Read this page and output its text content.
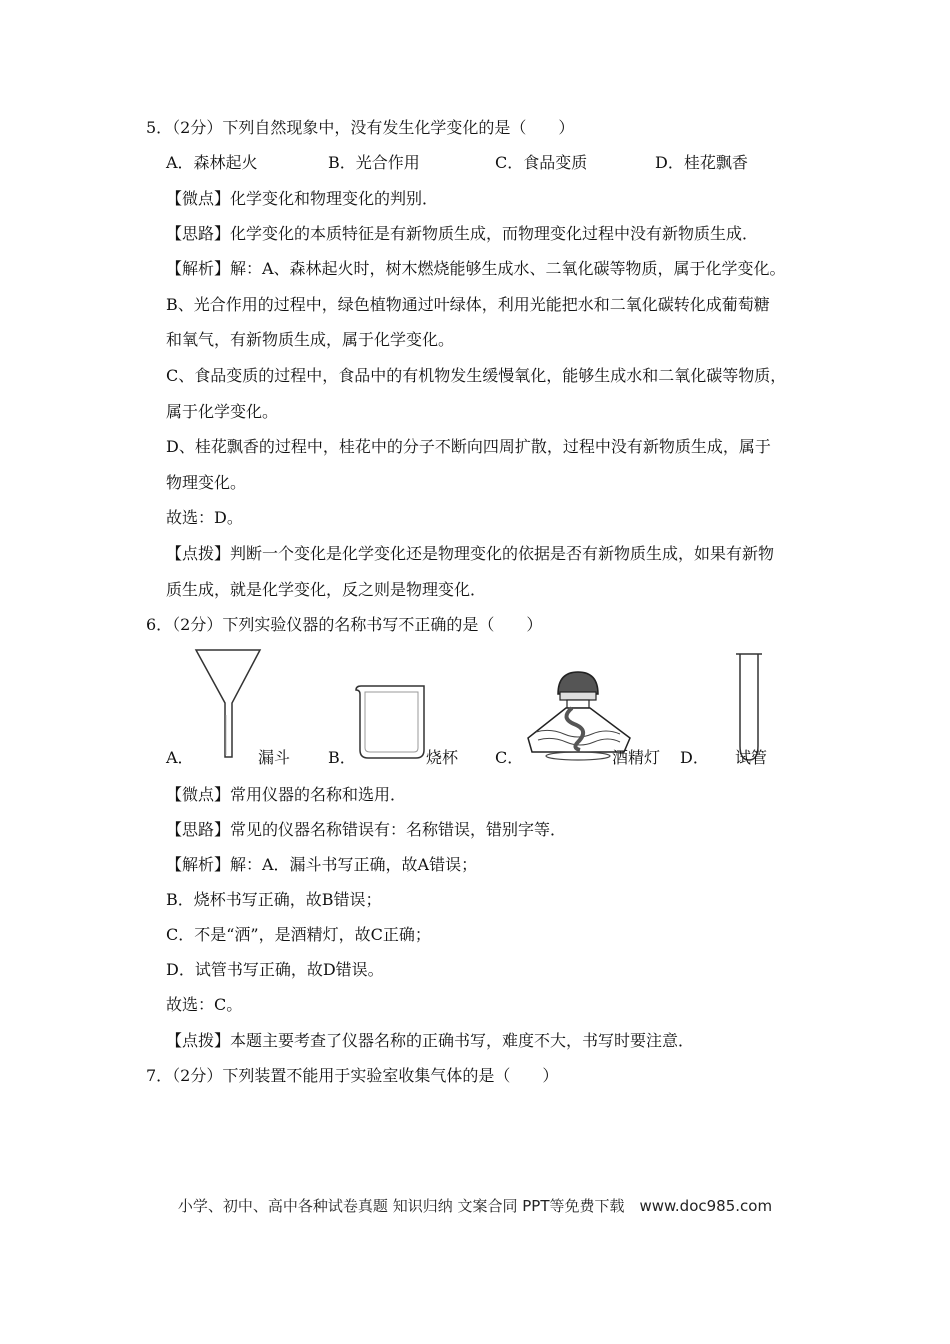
5．（2分）下列自然现象中，没有发生化学变化的是（　　）
A．森林起火	B．光合作用	C．食品变质	D．桂花飘香
【微点】化学变化和物理变化的判别．
【思路】化学变化的本质特征是有新物质生成，而物理变化过程中没有新物质生成．
【解析】解：A、森林起火时，树木燃烧能够生成水、二氧化碳等物质，属于化学变化。
B、光合作用的过程中，绿色植物通过叶绿体，利用光能把水和二氧化碳转化成葡萄糖
和氧气，有新物质生成，属于化学变化。
C、食品变质的过程中，食品中的有机物发生缓慢氧化，能够生成水和二氧化碳等物质，
属于化学变化。
D、桂花飘香的过程中，桂花中的分子不断向四周扩散，过程中没有新物质生成，属于
物理变化。
故选：D。
【点拨】判断一个变化是化学变化还是物理变化的依据是否有新物质生成，如果有新物
质生成，就是化学变化，反之则是物理变化．
6．（2分）下列实验仪器的名称书写不正确的是（　　）
A．	漏斗 B．	烧杯 C．	酒精灯 D． 试管
【微点】常用仪器的名称和选用．
【思路】常见的仪器名称错误有：名称错误，错别字等．
【解析】解：A．漏斗书写正确，故A错误；
B．烧杯书写正确，故B错误；
C．不是“洒”，是酒精灯，故C正确；
D．试管书写正确，故D错误。
故选：C。
【点拨】本题主要考查了仪器名称的正确书写，难度不大，书写时要注意．
7．（2分）下列装置不能用于实验室收集气体的是（　　）
小学、初中、高中各种试卷真题 知识归纳 文案合同 PPT等免费下载　www.doc985.com
